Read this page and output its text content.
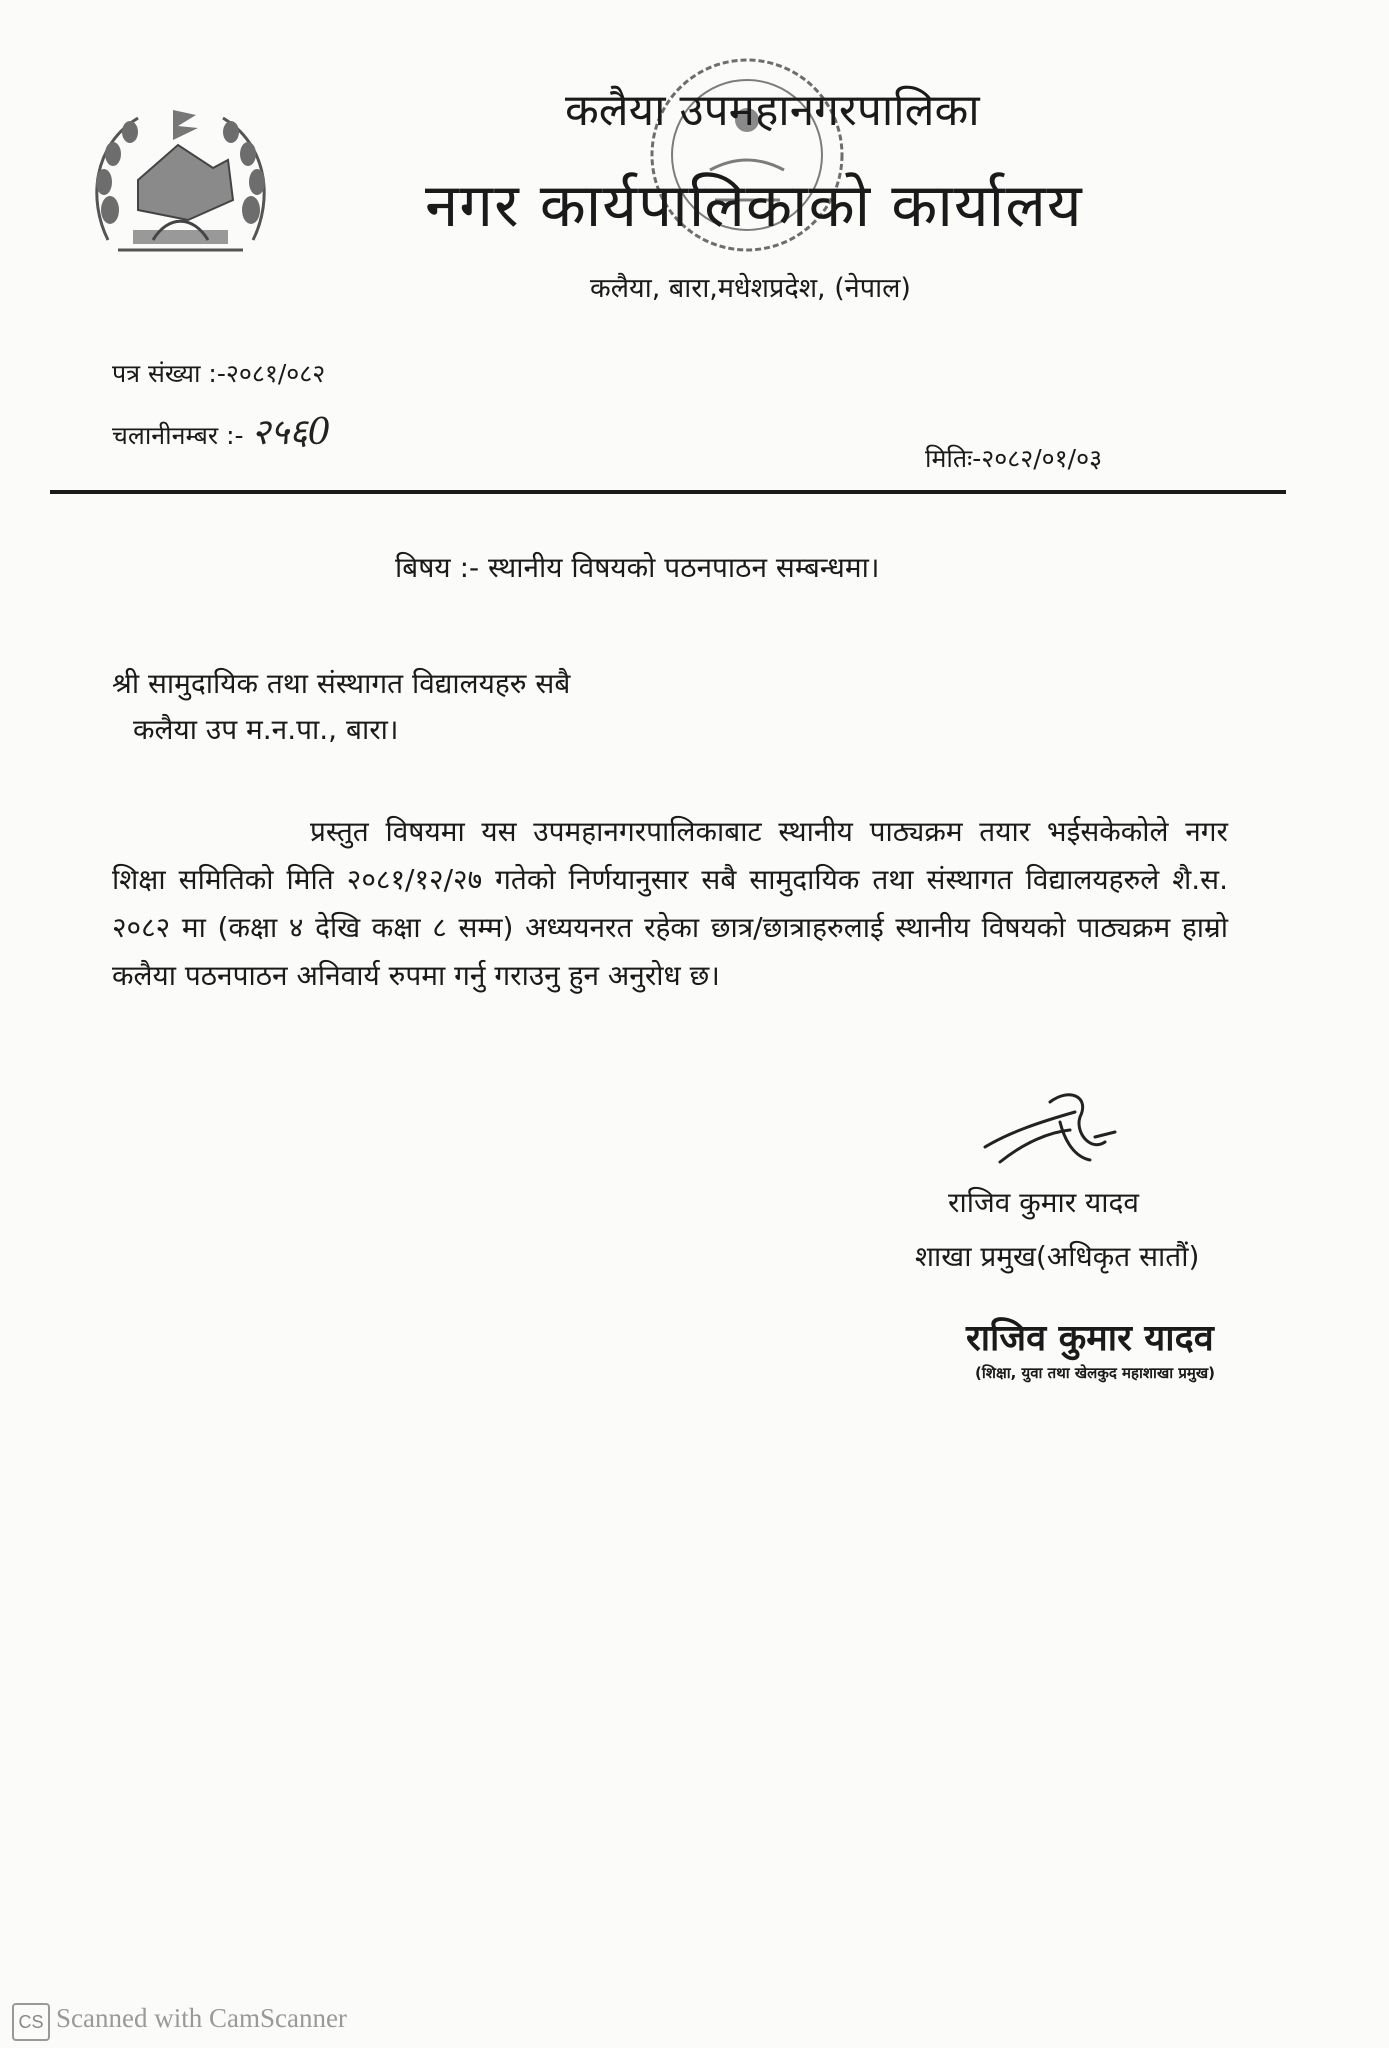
कलैया उपमहानगरपालिका
नगर कार्यपालिकाको कार्यालय
कलैया, बारा,मधेशप्रदेश, (नेपाल)
पत्र संख्या :-२०८१/०८२
चलानीनम्बर :- २५६0
मितिः-२०८२/०१/०३
बिषय :- स्थानीय विषयको पठनपाठन सम्बन्धमा।
श्री सामुदायिक तथा संस्थागत विद्यालयहरु सबै
कलैया उप म.न.पा., बारा।
प्रस्तुत विषयमा यस उपमहानगरपालिकाबाट स्थानीय पाठ्यक्रम तयार भईसकेकोले नगर शिक्षा समितिको मिति २०८१/१२/२७ गतेको निर्णयानुसार सबै सामुदायिक तथा संस्थागत विद्यालयहरुले शै.स. २०८२ मा (कक्षा ४ देखि कक्षा ८ सम्म) अध्ययनरत रहेका छात्र/छात्राहरुलाई स्थानीय विषयको पाठ्यक्रम हाम्रो कलैया पठनपाठन अनिवार्य रुपमा गर्नु गराउनु हुन अनुरोध छ।
राजिव कुमार यादव
शाखा प्रमुख(अधिकृत सातौं)
राजिव कुमार यादव
(शिक्षा, युवा तथा खेलकुद महाशाखा प्रमुख)
CS Scanned with CamScanner
